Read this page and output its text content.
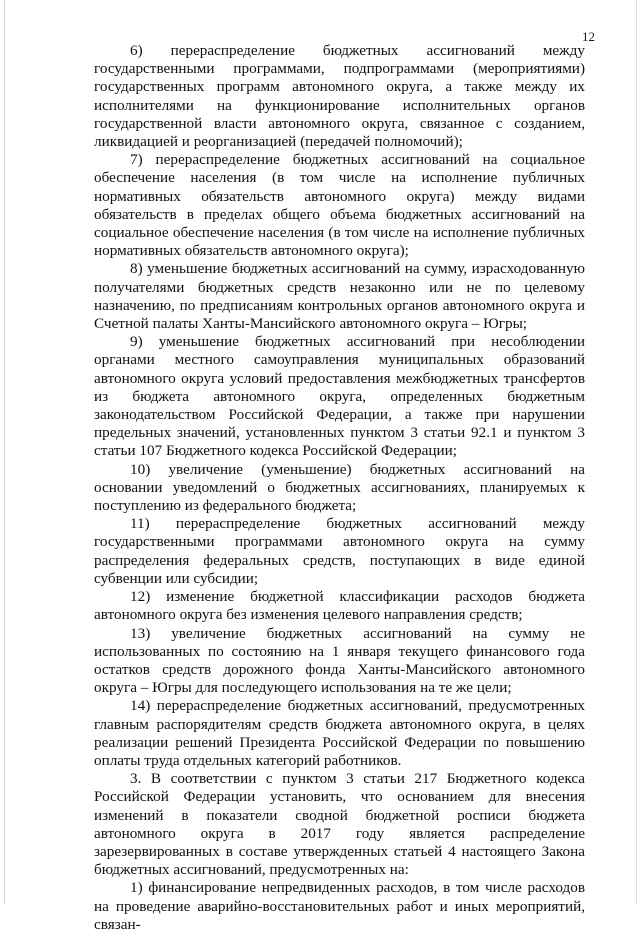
12

6) перераспределение бюджетных ассигнований между государственными программами, подпрограммами (мероприятиями) государственных программ автономного округа, а также между их исполнителями на функционирование исполнительных органов государственной власти автономного округа, связанное с созданием, ликвидацией и реорганизацией (передачей полномочий);

7) перераспределение бюджетных ассигнований на социальное обеспечение населения (в том числе на исполнение публичных нормативных обязательств автономного округа) между видами обязательств в пределах общего объема бюджетных ассигнований на социальное обеспечение населения (в том числе на исполнение публичных нормативных обязательств автономного округа);

8) уменьшение бюджетных ассигнований на сумму, израсходованную получателями бюджетных средств незаконно или не по целевому назначению, по предписаниям контрольных органов автономного округа и Счетной палаты Ханты-Мансийского автономного округа – Югры;

9) уменьшение бюджетных ассигнований при несоблюдении органами местного самоуправления муниципальных образований автономного округа условий предоставления межбюджетных трансфертов из бюджета автономного округа, определенных бюджетным законодательством Российской Федерации, а также при нарушении предельных значений, установленных пунктом 3 статьи 92.1 и пунктом 3 статьи 107 Бюджетного кодекса Российской Федерации;

10) увеличение (уменьшение) бюджетных ассигнований на основании уведомлений о бюджетных ассигнованиях, планируемых к поступлению из федерального бюджета;

11) перераспределение бюджетных ассигнований между государственными программами автономного округа на сумму распределения федеральных средств, поступающих в виде единой субвенции или субсидии;

12) изменение бюджетной классификации расходов бюджета автономного округа без изменения целевого направления средств;

13) увеличение бюджетных ассигнований на сумму не использованных по состоянию на 1 января текущего финансового года остатков средств дорожного фонда Ханты-Мансийского автономного округа – Югры для последующего использования на те же цели;

14) перераспределение бюджетных ассигнований, предусмотренных главным распорядителям средств бюджета автономного округа, в целях реализации решений Президента Российской Федерации по повышению оплаты труда отдельных категорий работников.

3. В соответствии с пунктом 3 статьи 217 Бюджетного кодекса Российской Федерации установить, что основанием для внесения изменений в показатели сводной бюджетной росписи бюджета автономного округа в 2017 году является распределение зарезервированных в составе утвержденных статьей 4 настоящего Закона бюджетных ассигнований, предусмотренных на:

1) финансирование непредвиденных расходов, в том числе расходов на проведение аварийно-восстановительных работ и иных мероприятий, связан-
